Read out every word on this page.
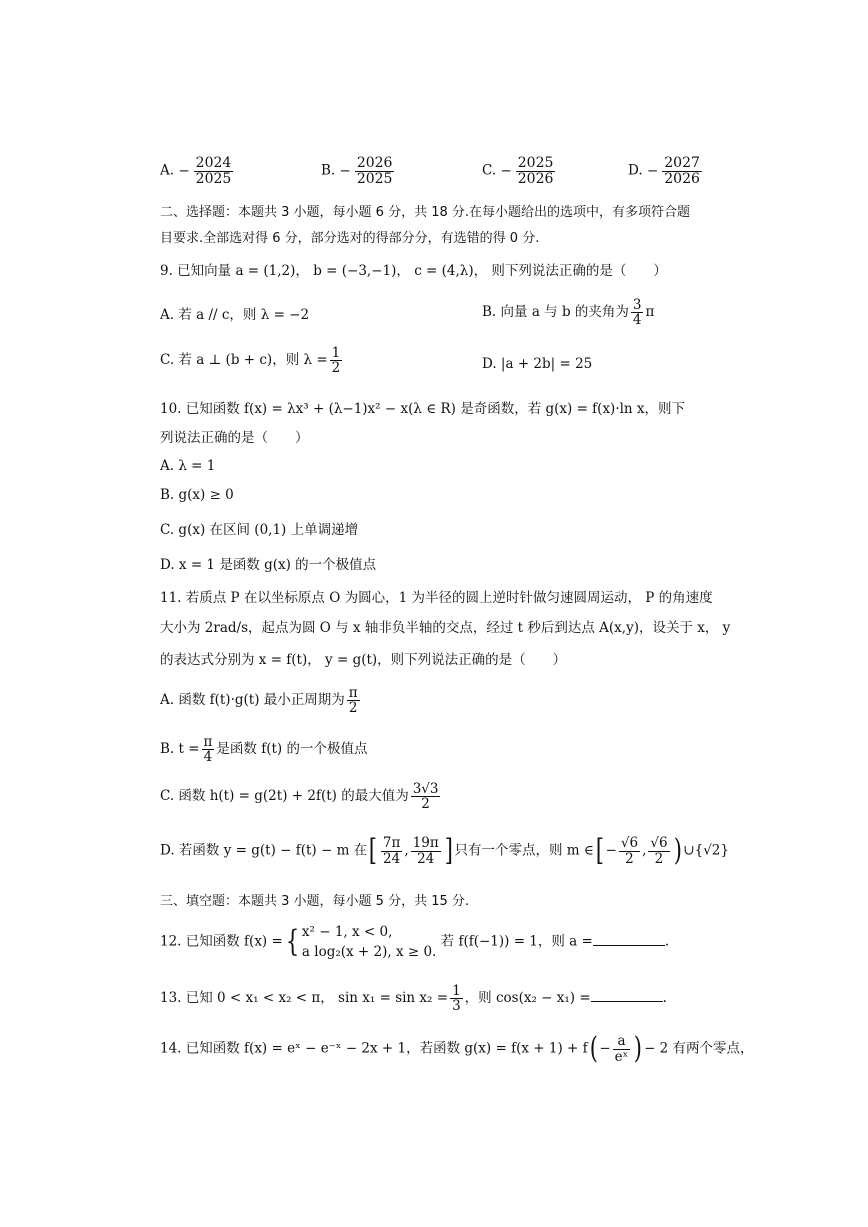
A. − $\frac{2024}{2025}$	B. − $\frac{2026}{2025}$	C. − $\frac{2025}{2026}$	D. − $\frac{2027}{2026}$
二、选择题：本题共 3 小题，每小题 6 分，共 18 分.在每小题给出的选项中，有多项符合题
目要求.全部选对得 6 分，部分选对的得部分分，有选错的得 0 分.
9. 已知向量 a = (1,2)， b = (−3,−1)， c = (4,λ)， 则下列说法正确的是（　　）
A. 若 a // c，则 λ = −2	B. 向量 a 与 b 的夹角为 $\frac{3}{4}$ π
C. 若 a ⊥ (b + c)，则 $\lambda = \frac{1}{2}$	D. |a + 2b| = 25
10. 已知函数 f(x) = λx³ + (λ−1)x² − x(λ ∈ R) 是奇函数，若 g(x) = f(x)·ln x，则下
列说法正确的是（　　）
A. λ = 1
B. g(x) ≥ 0
C. g(x) 在区间 (0,1) 上单调递增
D. x = 1 是函数 g(x) 的一个极值点
11. 若质点 P 在以坐标原点 O 为圆心，1 为半径的圆上逆时针做匀速圆周运动， P 的角速度
大小为 2rad/s，起点为圆 O 与 x 轴非负半轴的交点，经过 t 秒后到达点 A(x,y)，设关于 x， y
的表达式分别为 x = f(t)， y = g(t)，则下列说法正确的是（　　）
A. 函数 f(t)·g(t) 最小正周期为 $\frac{\pi}{2}$
B. $t = \frac{\pi}{4}$ 是函数 f(t) 的一个极值点
C. 函数 h(t) = g(2t) + 2f(t) 的最大值为 $\frac{3√3}{2}$
D. 若函数 y = g(t) − f(t) − m 在[ $\frac{7\pi}{24}$ , $\frac{19\pi}{24}$ ] 只有一个零点，则 m ∈[ − $\frac{√6}{2}$ , $\frac{√6}{2}$ ) ∪{√2}
三、填空题：本题共 3 小题，每小题 5 分，共 15 分.
12. 已知函数 f(x) ={ x² − 1, x < 0,
a log₂(x + 2), x ≥ 0.
若 f(f(−1)) = 1，则 a =	.
13. 已知 0 < x₁ < x₂ < π， $\sin x_1 = \sin x_2 = \frac{1}{3}$ ，则 cos(x₂ − x₁) =	.
14. 已知函数 f(x) = eˣ − e⁻ˣ − 2x + 1，若函数 $g(x) = f(x + 1) + f( - \frac{a}{\text{eˣ}}$ ) − 2 有两个零点，
